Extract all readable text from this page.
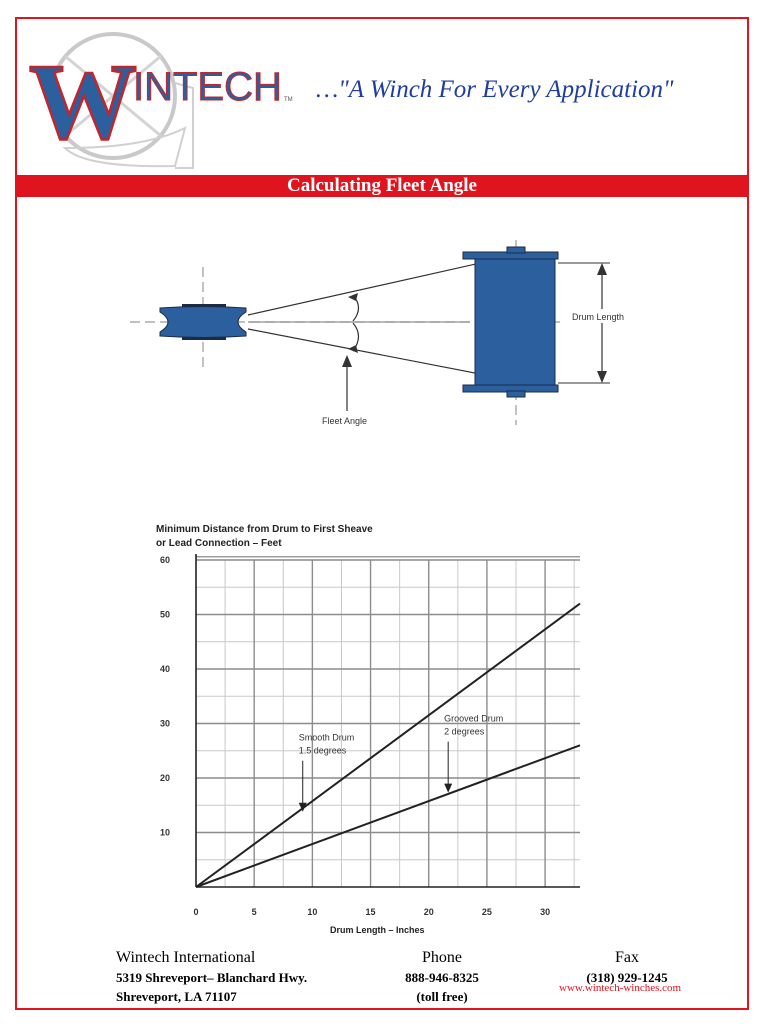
W
INTECH TM …"A Winch For Every Application"
Calculating Fleet Angle
Drum Length
Fleet Angle
Minimum Distance from Drum to First Sheave
or Lead Connection – Feet
0	5	10	15	20	25	30
10
20
30
40
50
60
Drum Length – Inches
Smooth Drum
1.5 degrees
Grooved Drum
2 degrees
Wintech International
5319 Shreveport– Blanchard Hwy.
Shreveport, LA 71107
Phone
888-946-8325
(toll free)
Fax
(318) 929-1245
www.wintech-winches.com
